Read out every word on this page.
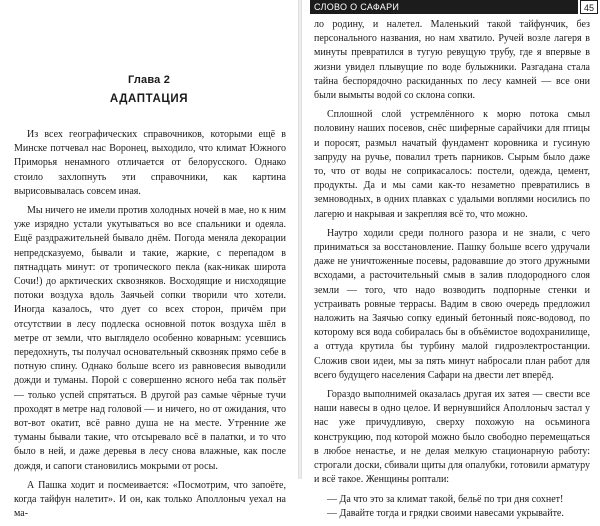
Глава 2
АДАПТАЦИЯ

Из всех географических справочников, которыми ещё в Минске потчевал нас Воронец, выходило, что климат Южного Приморья ненамного отличается от белорусского. Однако стоило захлопнуть эти справочники, как картина вырисовывалась совсем иная.

Мы ничего не имели против холодных ночей в мае, но к ним уже изрядно устали укутываться во все спальники и одеяла. Ещё раздражительней бывало днём. Погода меняла декорации непредсказуемо, бывали и такие, жаркие, с перепадом в пятнадцать минут: от тропического пекла (как-никак широта Сочи!) до арктических сквозняков. Восходящие и нисходящие потоки воздуха вдоль Заячьей сопки творили что хотели. Иногда казалось, что дует со всех сторон, причём при отсутствии в лесу подлеска основной поток воздуха шёл в метре от земли, что выглядело особенно коварным: усевшись передохнуть, ты получал основательный сквозняк прямо себе в потную спину. Однако больше всего из равновесия выводили дожди и туманы. Порой с совершенно ясного неба так польёт — только успей спрятаться. В другой раз самые чёрные тучи проходят в метре над головой — и ничего, но от ожидания, что вот-вот окатит, всё равно душа не на месте. Утренние же туманы бывали такие, что отсыревало всё в палатки, и то что было в ней, и даже деревья в лесу снова влажные, как после дождя, и сапоги становились мокрыми от росы.

А Пашка ходит и посмеивается: «Посмотрим, что запоёте, когда тайфун налетит». И он, как только Аполлоныч уехал на ма-

СЛОВО О САФАРИ	45

ло родину, и налетел. Маленький такой тайфунчик, без персонального названия, но нам хватило. Ручей возле лагеря в минуты превратился в тугую ревущую трубу, где я впервые в жизни увидел плывущие по воде булыжники. Разгадана стала тайна беспорядочно раскиданных по лесу камней — все они были вымыты водой со склона сопки.

Сплошной слой устремлённого к морю потока смыл половину наших посевов, снёс шиферные сарайчики для птицы и поросят, размыл начатый фундамент коровника и гусиную запруду на ручье, повалил треть парников. Сырым было даже то, что от воды не соприкасалось: постели, одежда, цемент, продукты. Да и мы сами как-то незаметно превратились в земноводных, в одних плавках с удалыми воплями носились по лагерю и накрывая и закрепляя всё то, что можно.

Наутро ходили среди полного разора и не знали, с чего приниматься за восстановление. Пашку больше всего удручали даже не уничтоженные посевы, радовавшие до этого дружными всходами, а расточительный смыв в залив плодородного слоя земли — того, что надо возводить подпорные стенки и устраивать ровные террасы. Вадим в свою очередь предложил наложить на Заячью сопку единый бетонный пояс-водовод, по которому вся вода собиралась бы в объёмистое водохранилище, а оттуда крутила бы турбину малой гидроэлектростанции. Сложив свои идеи, мы за пять минут набросали план работ для всего будущего населения Сафари на двести лет вперёд.

Гораздо выполнимей оказалась другая их затея — свести все наши навесы в одно целое. И вернувшийся Аполлоныч застал у нас уже причудливую, сверху похожую на осьминога конструкцию, под которой можно было свободно перемещаться в любое ненастье, и не делая мелкую стационарную работу: строгали доски, сбивали щиты для опалубки, готовили арматуру и всё такое. Женщины роптали:

— Да что это за климат такой, бельё по три дня сохнет!

— Давайте тогда и грядки своими навесами укрывайте.
